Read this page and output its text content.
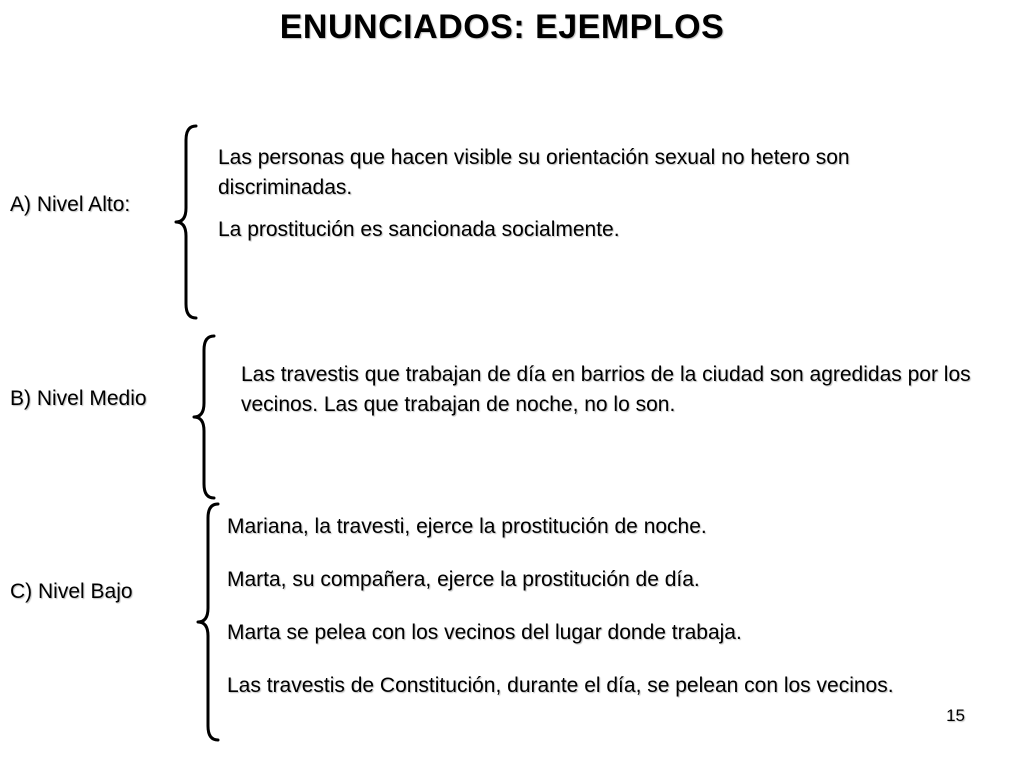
ENUNCIADOS: EJEMPLOS
A) Nivel Alto:

Las personas que hacen visible su orientación sexual no hetero son discriminadas.

La prostitución es sancionada socialmente.

B) Nivel Medio

Las travestis que trabajan de día en barrios de la ciudad son agredidas por los vecinos. Las que trabajan de noche, no lo son.

C) Nivel Bajo

Mariana, la travesti, ejerce la prostitución de noche.

Marta, su compañera, ejerce la prostitución de día.

Marta se pelea con los vecinos del lugar donde trabaja.

Las travestis de Constitución, durante el día, se pelean con los vecinos.

15
